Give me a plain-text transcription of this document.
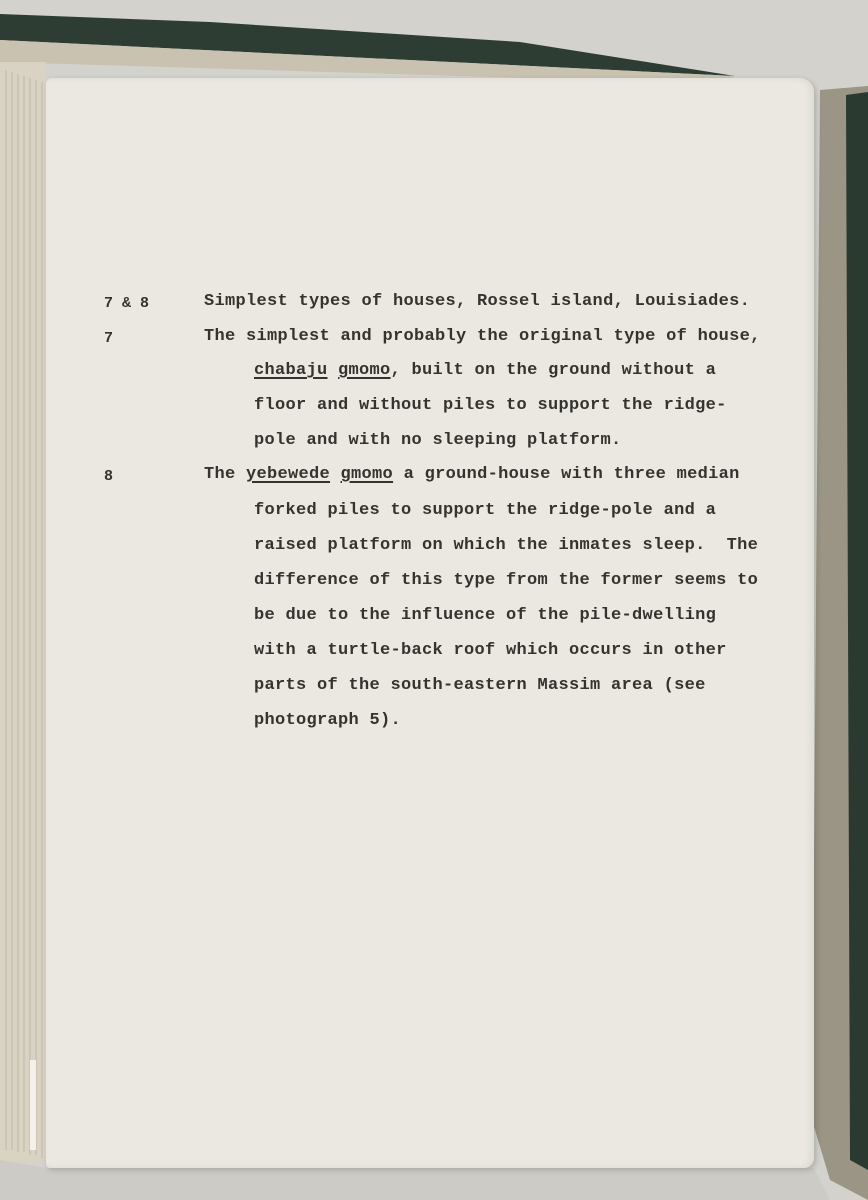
7 & 8	Simplest types of houses, Rossel island, Louisiades.
7	The simplest and probably the original type of house,
chabaju gmomo, built on the ground without a
floor and without piles to support the ridge-
pole and with no sleeping platform.
8	The yebewede gmomo a ground-house with three median
forked piles to support the ridge-pole and a
raised platform on which the inmates sleep.  The
difference of this type from the former seems to
be due to the influence of the pile-dwelling
with a turtle-back roof which occurs in other
parts of the south-eastern Massim area (see
photograph 5).
